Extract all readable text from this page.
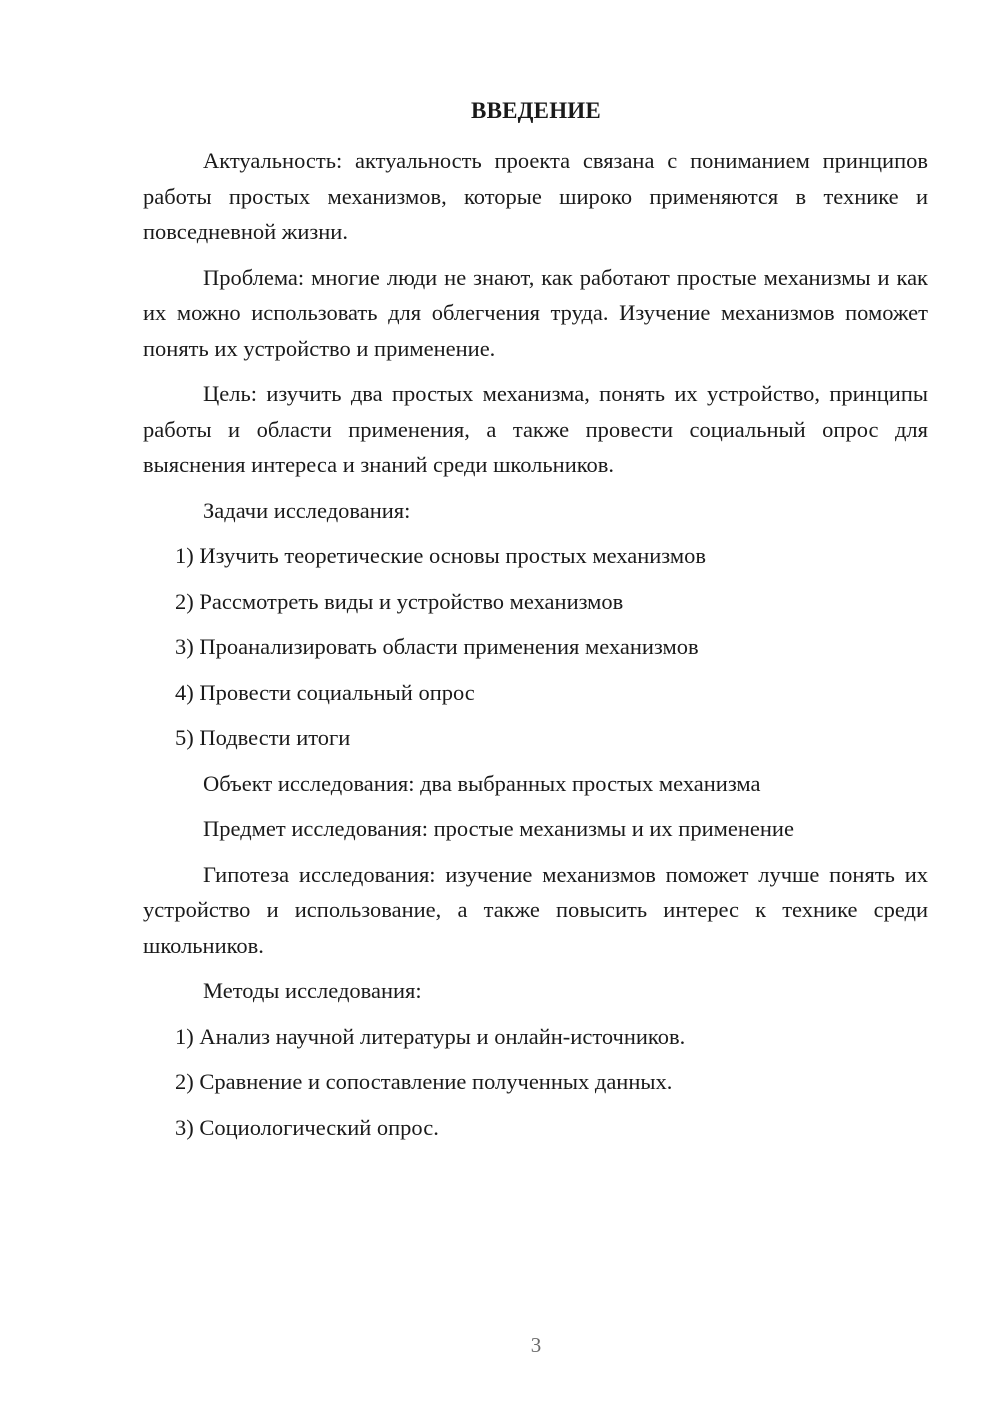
ВВЕДЕНИЕ

Актуальность: актуальность проекта связана с пониманием принципов работы простых механизмов, которые широко применяются в технике и повседневной жизни.

Проблема: многие люди не знают, как работают простые механизмы и как их можно использовать для облегчения труда. Изучение механизмов поможет понять их устройство и применение.

Цель: изучить два простых механизма, понять их устройство, принципы работы и области применения, а также провести социальный опрос для выяснения интереса и знаний среди школьников.

Задачи исследования:

1) Изучить теоретические основы простых механизмов
2) Рассмотреть виды и устройство механизмов
3) Проанализировать области применения механизмов
4) Провести социальный опрос
5) Подвести итоги

Объект исследования: два выбранных простых механизма

Предмет исследования: простые механизмы и их применение

Гипотеза исследования: изучение механизмов поможет лучше понять их устройство и использование, а также повысить интерес к технике среди школьников.

Методы исследования:

1) Анализ научной литературы и онлайн-источников.
2) Сравнение и сопоставление полученных данных.
3) Социологический опрос.
3
